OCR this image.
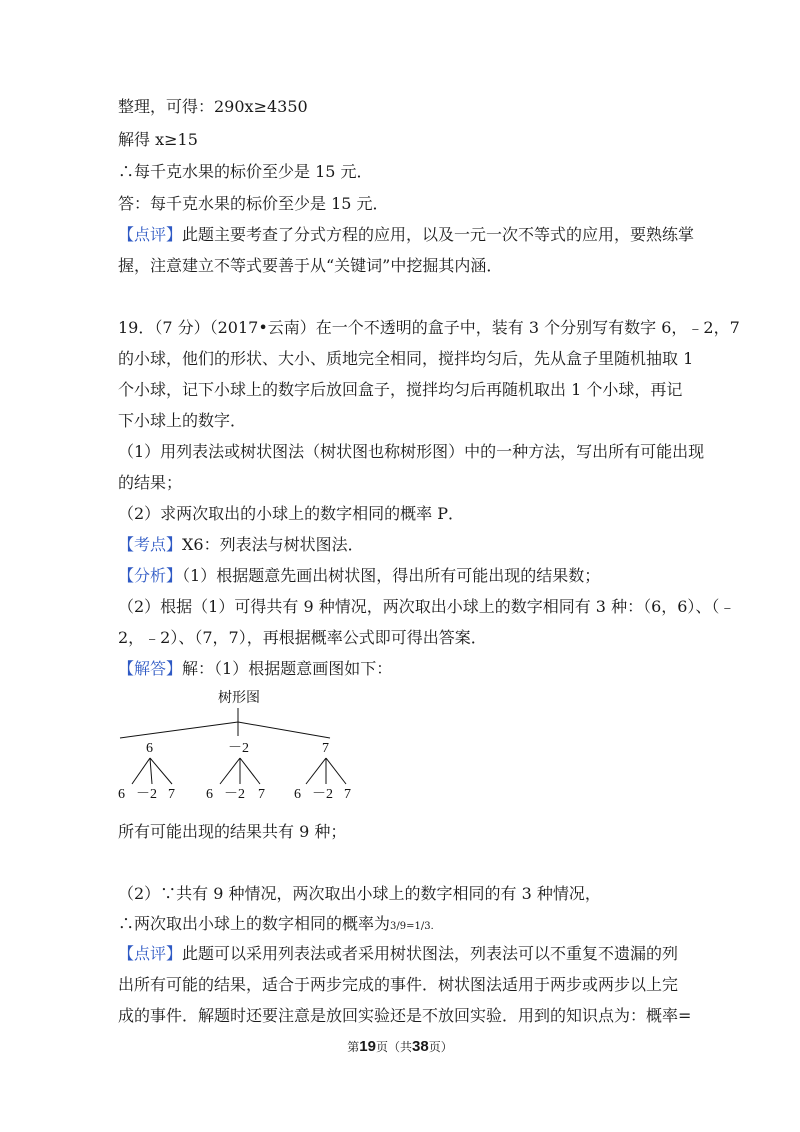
整理，可得：290x≥4350
解得 x≥15
∴每千克水果的标价至少是 15 元．
答：每千克水果的标价至少是 15 元．
【点评】此题主要考查了分式方程的应用，以及一元一次不等式的应用，要熟练掌
握，注意建立不等式要善于从“关键词”中挖掘其内涵．
19．（7 分）（2017•云南）在一个不透明的盒子中，装有 3 个分别写有数字 6，﹣2，7
的小球，他们的形状、大小、质地完全相同，搅拌均匀后，先从盒子里随机抽取 1
个小球，记下小球上的数字后放回盒子，搅拌均匀后再随机取出 1 个小球，再记
下小球上的数字．
（1）用列表法或树状图法（树状图也称树形图）中的一种方法，写出所有可能出现
的结果；
（2）求两次取出的小球上的数字相同的概率 P．
【考点】X6：列表法与树状图法．
【分析】（1）根据题意先画出树状图，得出所有可能出现的结果数；
（2）根据（1）可得共有 9 种情况，两次取出小球上的数字相同有 3 种：（6，6）、（﹣
2，﹣2）、（7，7），再根据概率公式即可得出答案．
【解答】解：（1）根据题意画图如下：
树形图
6	－2	7
6 －2 7 6 －2 7 6 －2 7
所有可能出现的结果共有 9 种；
（2）∵共有 9 种情况，两次取出小球上的数字相同的有 3 种情况，
∴两次取出小球上的数字相同的概率为3/9=1/3．
【点评】此题可以采用列表法或者采用树状图法，列表法可以不重复不遗漏的列
出所有可能的结果，适合于两步完成的事件．树状图法适用于两步或两步以上完
成的事件．解题时还要注意是放回实验还是不放回实验．用到的知识点为：概率=
第19页（共38页）
